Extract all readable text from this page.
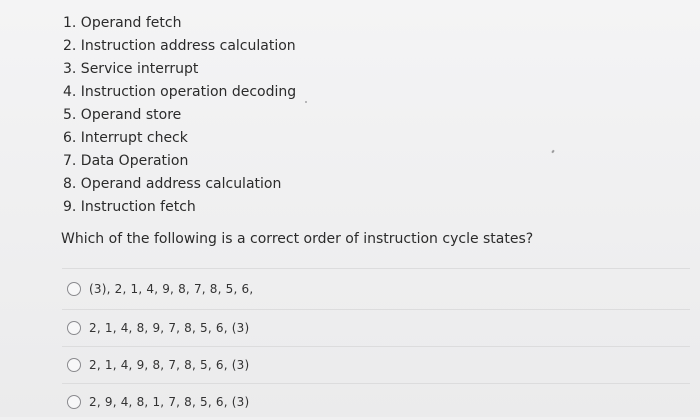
1. Operand fetch
2. Instruction address calculation
3. Service interrupt
4. Instruction operation decoding
5. Operand store
6. Interrupt check
7. Data Operation
8. Operand address calculation
9. Instruction fetch
Which of the following is a correct order of instruction cycle states?
(3), 2, 1, 4, 9, 8, 7, 8, 5, 6,
2, 1, 4, 8, 9, 7, 8, 5, 6, (3)
2, 1, 4, 9, 8, 7, 8, 5, 6, (3)
2, 9, 4, 8, 1, 7, 8, 5, 6, (3)
